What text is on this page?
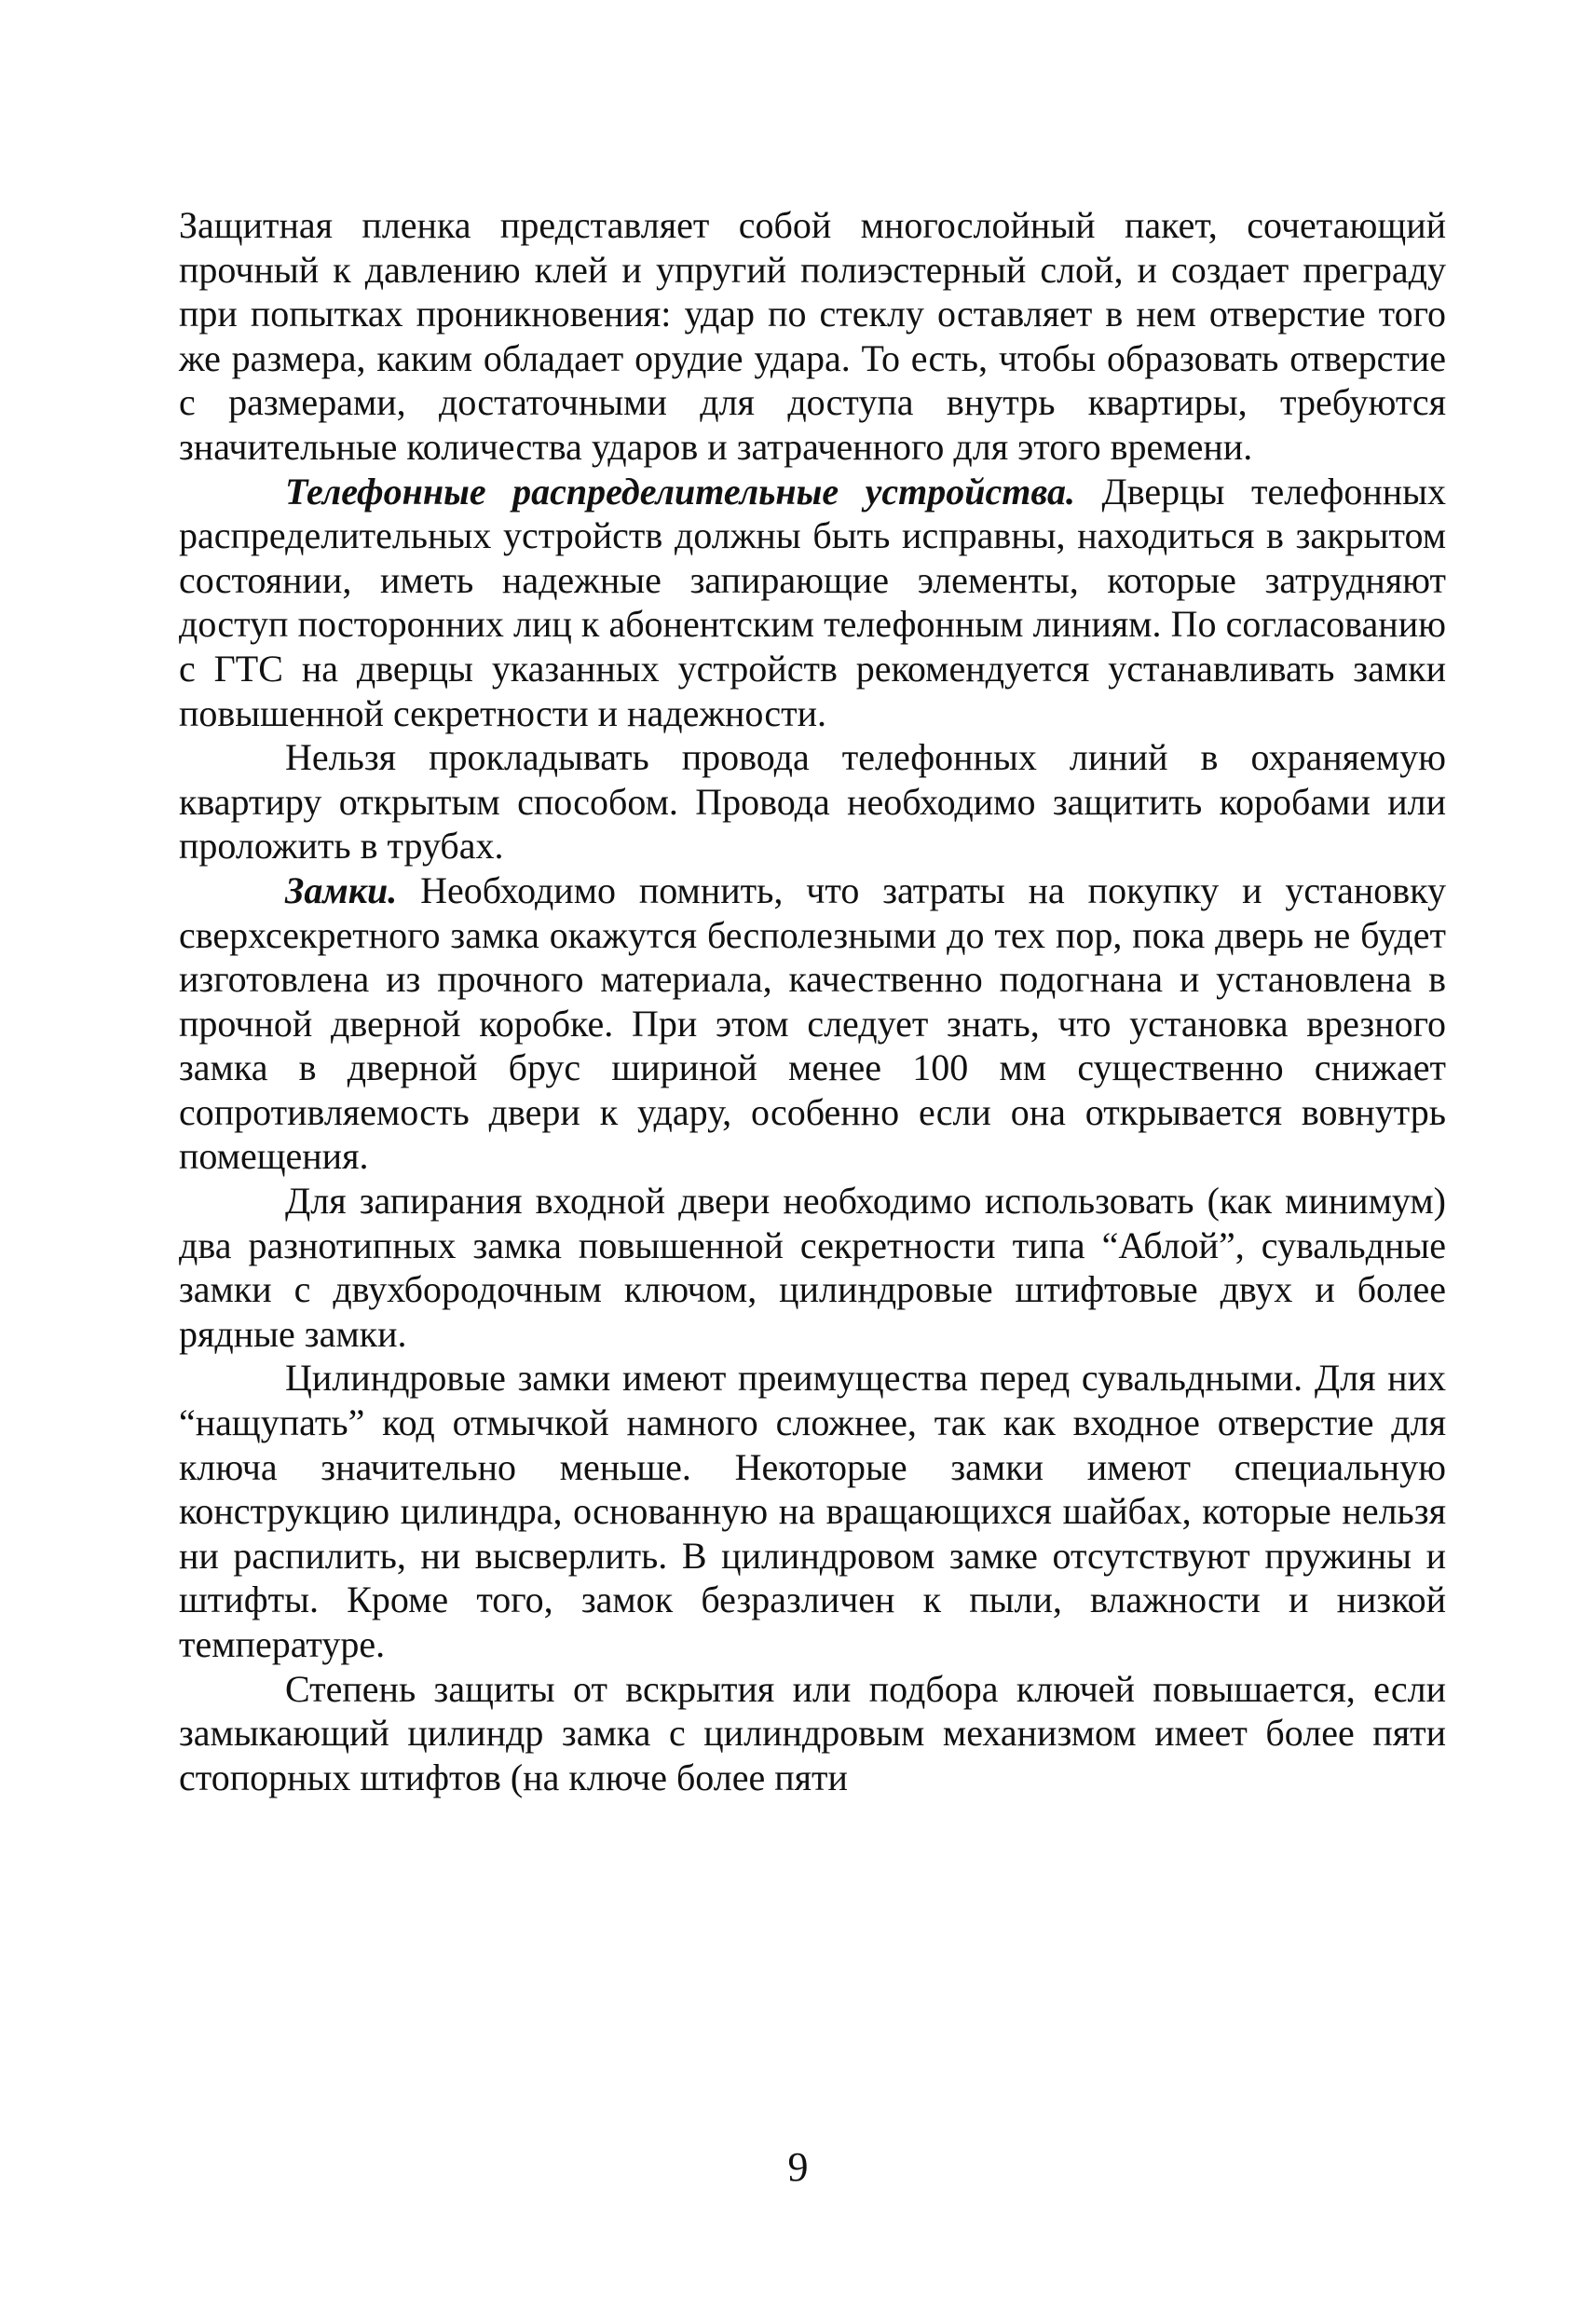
Защитная пленка представляет собой многослойный пакет, сочетающий прочный к давлению клей и упругий полиэстерный слой, и создает преграду при попытках проникновения: удар по стеклу оставляет в нем отверстие того же размера, каким обладает орудие удара. То есть, чтобы образовать отверстие с размерами, достаточными для доступа внутрь квартиры, требуются значительные количества ударов и затраченного для этого времени.

Телефонные распределительные устройства. Дверцы телефонных распределительных устройств должны быть исправны, находиться в закрытом состоянии, иметь надежные запирающие элементы, которые затрудняют доступ посторонних лиц к абонентским телефонным линиям. По согласованию с ГТС на дверцы указанных устройств рекомендуется устанавливать замки повышенной секретности и надежности.

Нельзя прокладывать провода телефонных линий в охраняемую квартиру открытым способом. Провода необходимо защитить коробами или проложить в трубах.

Замки. Необходимо помнить, что затраты на покупку и установку сверхсекретного замка окажутся бесполезными до тех пор, пока дверь не будет изготовлена из прочного материала, качественно подогнана и установлена в прочной дверной коробке. При этом следует знать, что установка врезного замка в дверной брус шириной менее 100 мм существенно снижает сопротивляемость двери к удару, особенно если она открывается вовнутрь помещения.

Для запирания входной двери необходимо использовать (как минимум) два разнотипных замка повышенной секретности типа “Аблой”, сувальдные замки с двухбородочным ключом, цилиндровые штифтовые двух и более рядные замки.

Цилиндровые замки имеют преимущества перед сувальдными. Для них “нащупать” код отмычкой намного сложнее, так как входное отверстие для ключа значительно меньше. Некоторые замки имеют специальную конструкцию цилиндра, основанную на вращающихся шайбах, которые нельзя ни распилить, ни высверлить. В цилиндровом замке отсутствуют пружины и штифты. Кроме того, замок безразличен к пыли, влажности и низкой температуре.

Степень защиты от вскрытия или подбора ключей повышается, если замыкающий цилиндр замка с цилиндровым механизмом имеет более пяти стопорных штифтов (на ключе более пяти

9
